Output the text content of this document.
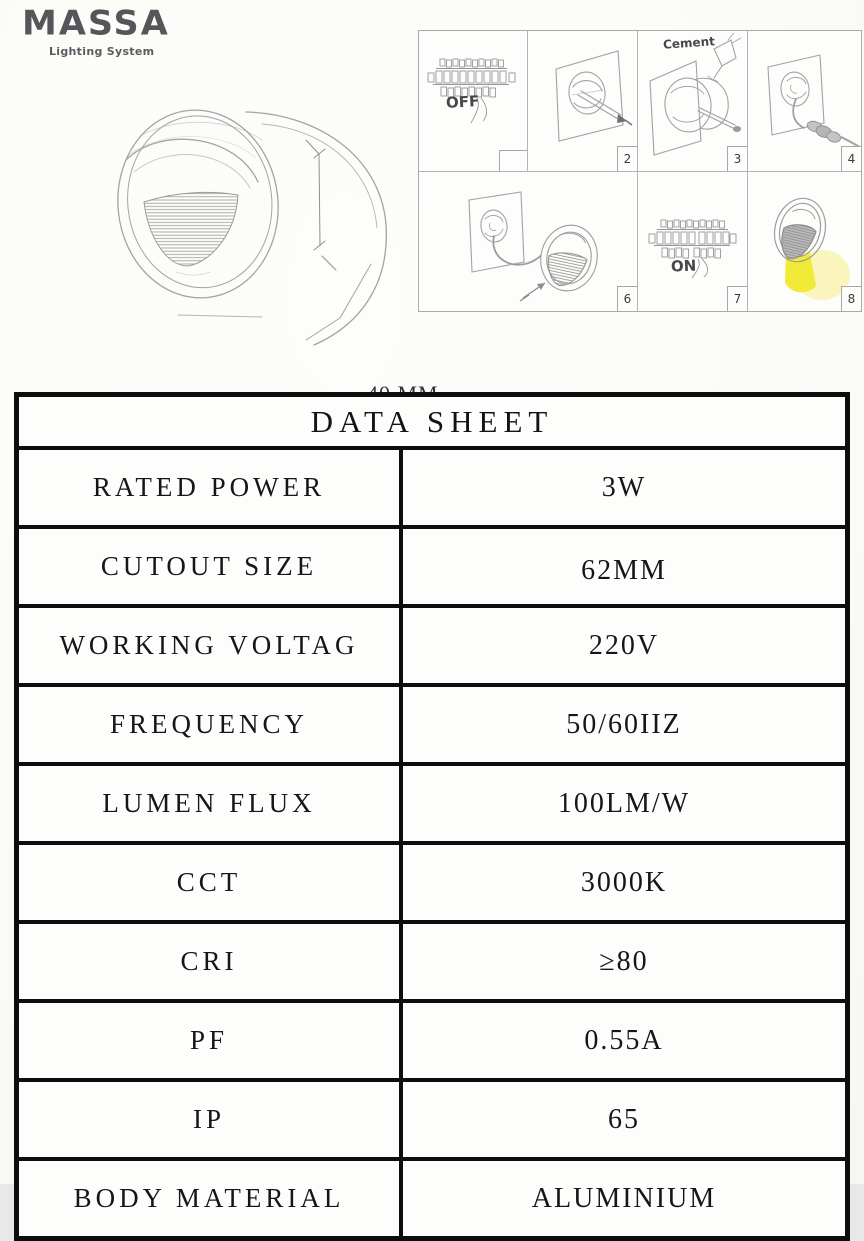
MASSA
Lighting System
OFF
2
Cement
3	4
6
ON
7	8
DATA SHEET
RATED POWER	3W
CUTOUT SIZE	62MM
WORKING VOLTAG	220V
FREQUENCY	50/60IIZ
LUMEN FLUX	100LM/W
CCT	3000K
CRI	≥80
PF	0.55A
IP	65
BODY MATERIAL	ALUMINIUM
